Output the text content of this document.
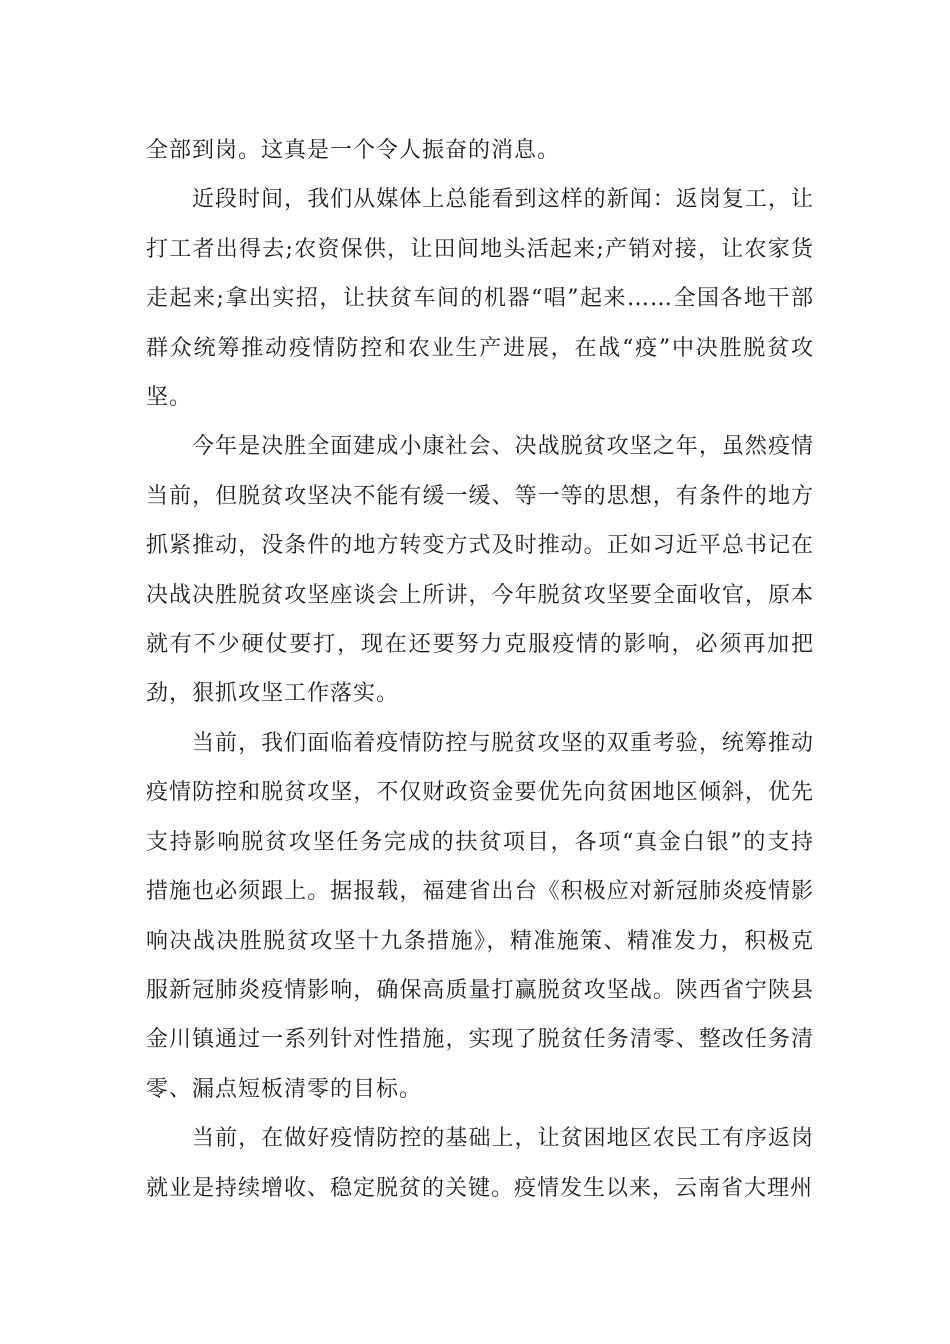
全部到岗。这真是一个令人振奋的消息。

近段时间，我们从媒体上总能看到这样的新闻：返岗复工，让打工者出得去;农资保供，让田间地头活起来;产销对接，让农家货走起来;拿出实招，让扶贫车间的机器“唱”起来……全国各地干部群众统筹推动疫情防控和农业生产进展，在战“疫”中决胜脱贫攻坚。

今年是决胜全面建成小康社会、决战脱贫攻坚之年，虽然疫情当前，但脱贫攻坚决不能有缓一缓、等一等的思想，有条件的地方抓紧推动，没条件的地方转变方式及时推动。正如习近平总书记在决战决胜脱贫攻坚座谈会上所讲，今年脱贫攻坚要全面收官，原本就有不少硬仗要打，现在还要努力克服疫情的影响，必须再加把劲，狠抓攻坚工作落实。

当前，我们面临着疫情防控与脱贫攻坚的双重考验，统筹推动疫情防控和脱贫攻坚，不仅财政资金要优先向贫困地区倾斜，优先支持影响脱贫攻坚任务完成的扶贫项目，各项“真金白银”的支持措施也必须跟上。据报载，福建省出台《积极应对新冠肺炎疫情影响决战决胜脱贫攻坚十九条措施》，精准施策、精准发力，积极克服新冠肺炎疫情影响，确保高质量打赢脱贫攻坚战。陕西省宁陕县金川镇通过一系列针对性措施，实现了脱贫任务清零、整改任务清零、漏点短板清零的目标。

当前，在做好疫情防控的基础上，让贫困地区农民工有序返岗就业是持续增收、稳定脱贫的关键。疫情发生以来，云南省大理州
